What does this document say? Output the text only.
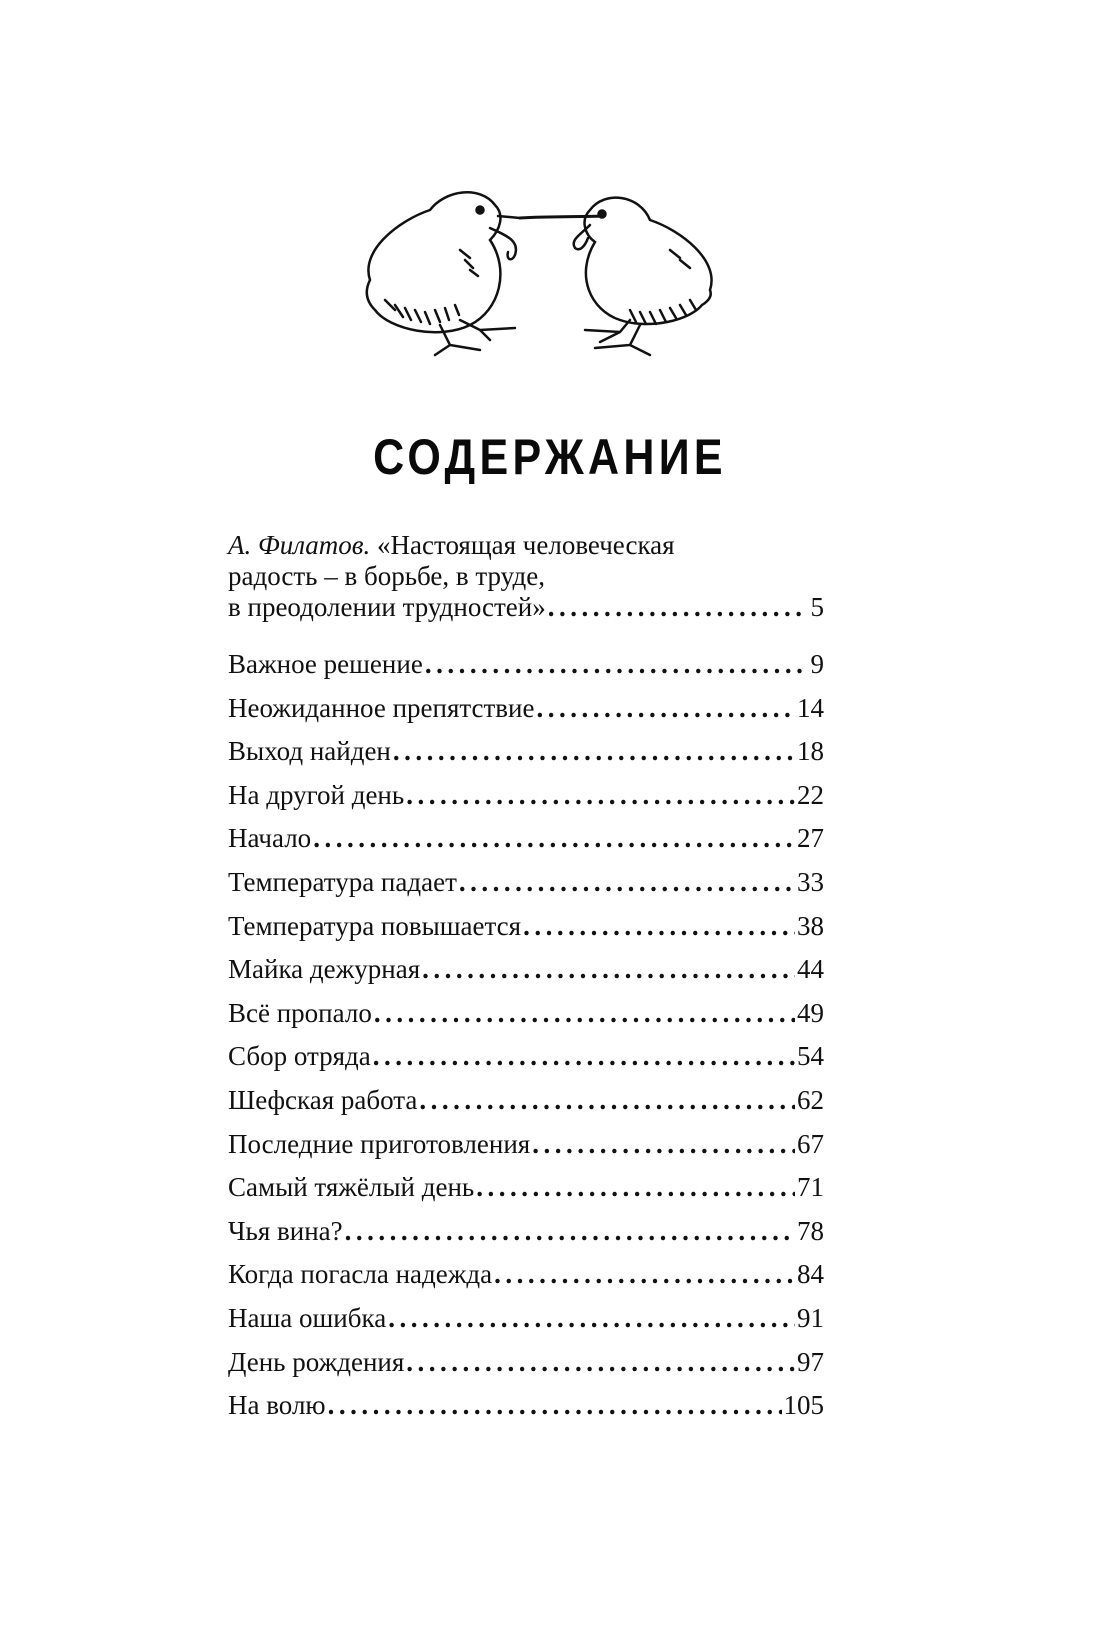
СОДЕРЖАНИЕ
А. Филатов. «Настоящая человеческая
радость – в борьбе, в труде,
в преодолении трудностей» .....	5
Важное решение .....	9
Неожиданное препятствие .....	14
Выход найден .....	18
На другой день .....	22
Начало .....	27
Температура падает .....	33
Температура повышается .....	38
Майка дежурная .....	44
Всё пропало .....	49
Сбор отряда .....	54
Шефская работа .....	62
Последние приготовления .....	67
Самый тяжёлый день .....	71
Чья вина? .....	78
Когда погасла надежда .....	84
Наша ошибка .....	91
День рождения .....	97
На волю .....	105
